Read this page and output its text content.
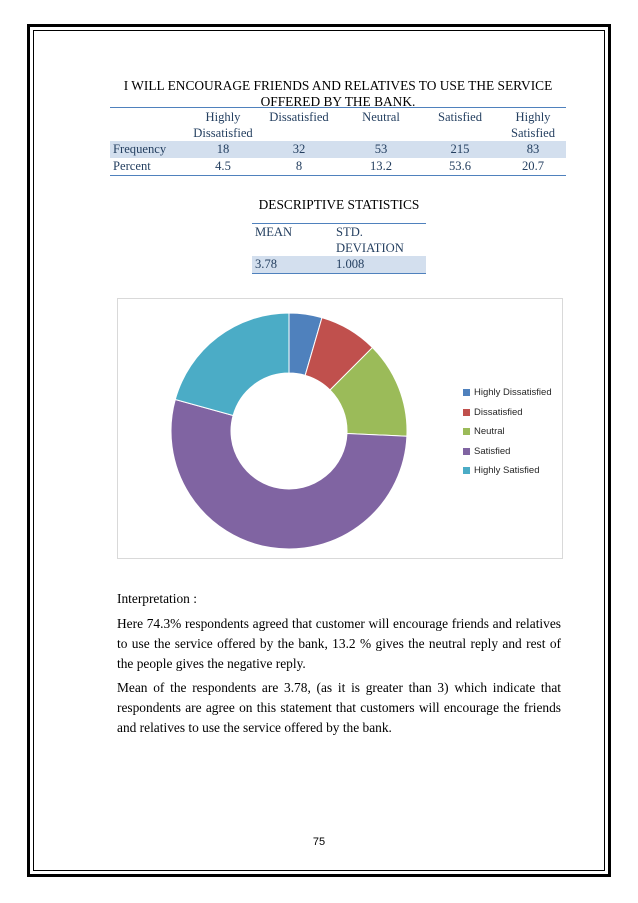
I WILL ENCOURAGE FRIENDS AND RELATIVES TO USE THE SERVICE OFFERED BY THE BANK.
	Highly Dissatisfied	Dissatisfied	Neutral	Satisfied	Highly Satisfied
Frequency	18	32	53	215	83
Percent	4.5	8	13.2	53.6	20.7
DESCRIPTIVE STATISTICS
MEAN	STD. DEVIATION
3.78	1.008
Highly Dissatisfied
Dissatisfied
Neutral
Satisfied
Highly Satisfied
Interpretation :
Here 74.3% respondents agreed that customer will encourage friends and relatives to use the service offered by the bank, 13.2 % gives the neutral reply and rest of the people gives the negative reply.
Mean of the respondents are 3.78, (as it is greater than 3) which indicate that respondents are agree on this statement that customers will encourage the friends and relatives to use the service offered by the bank.
75
